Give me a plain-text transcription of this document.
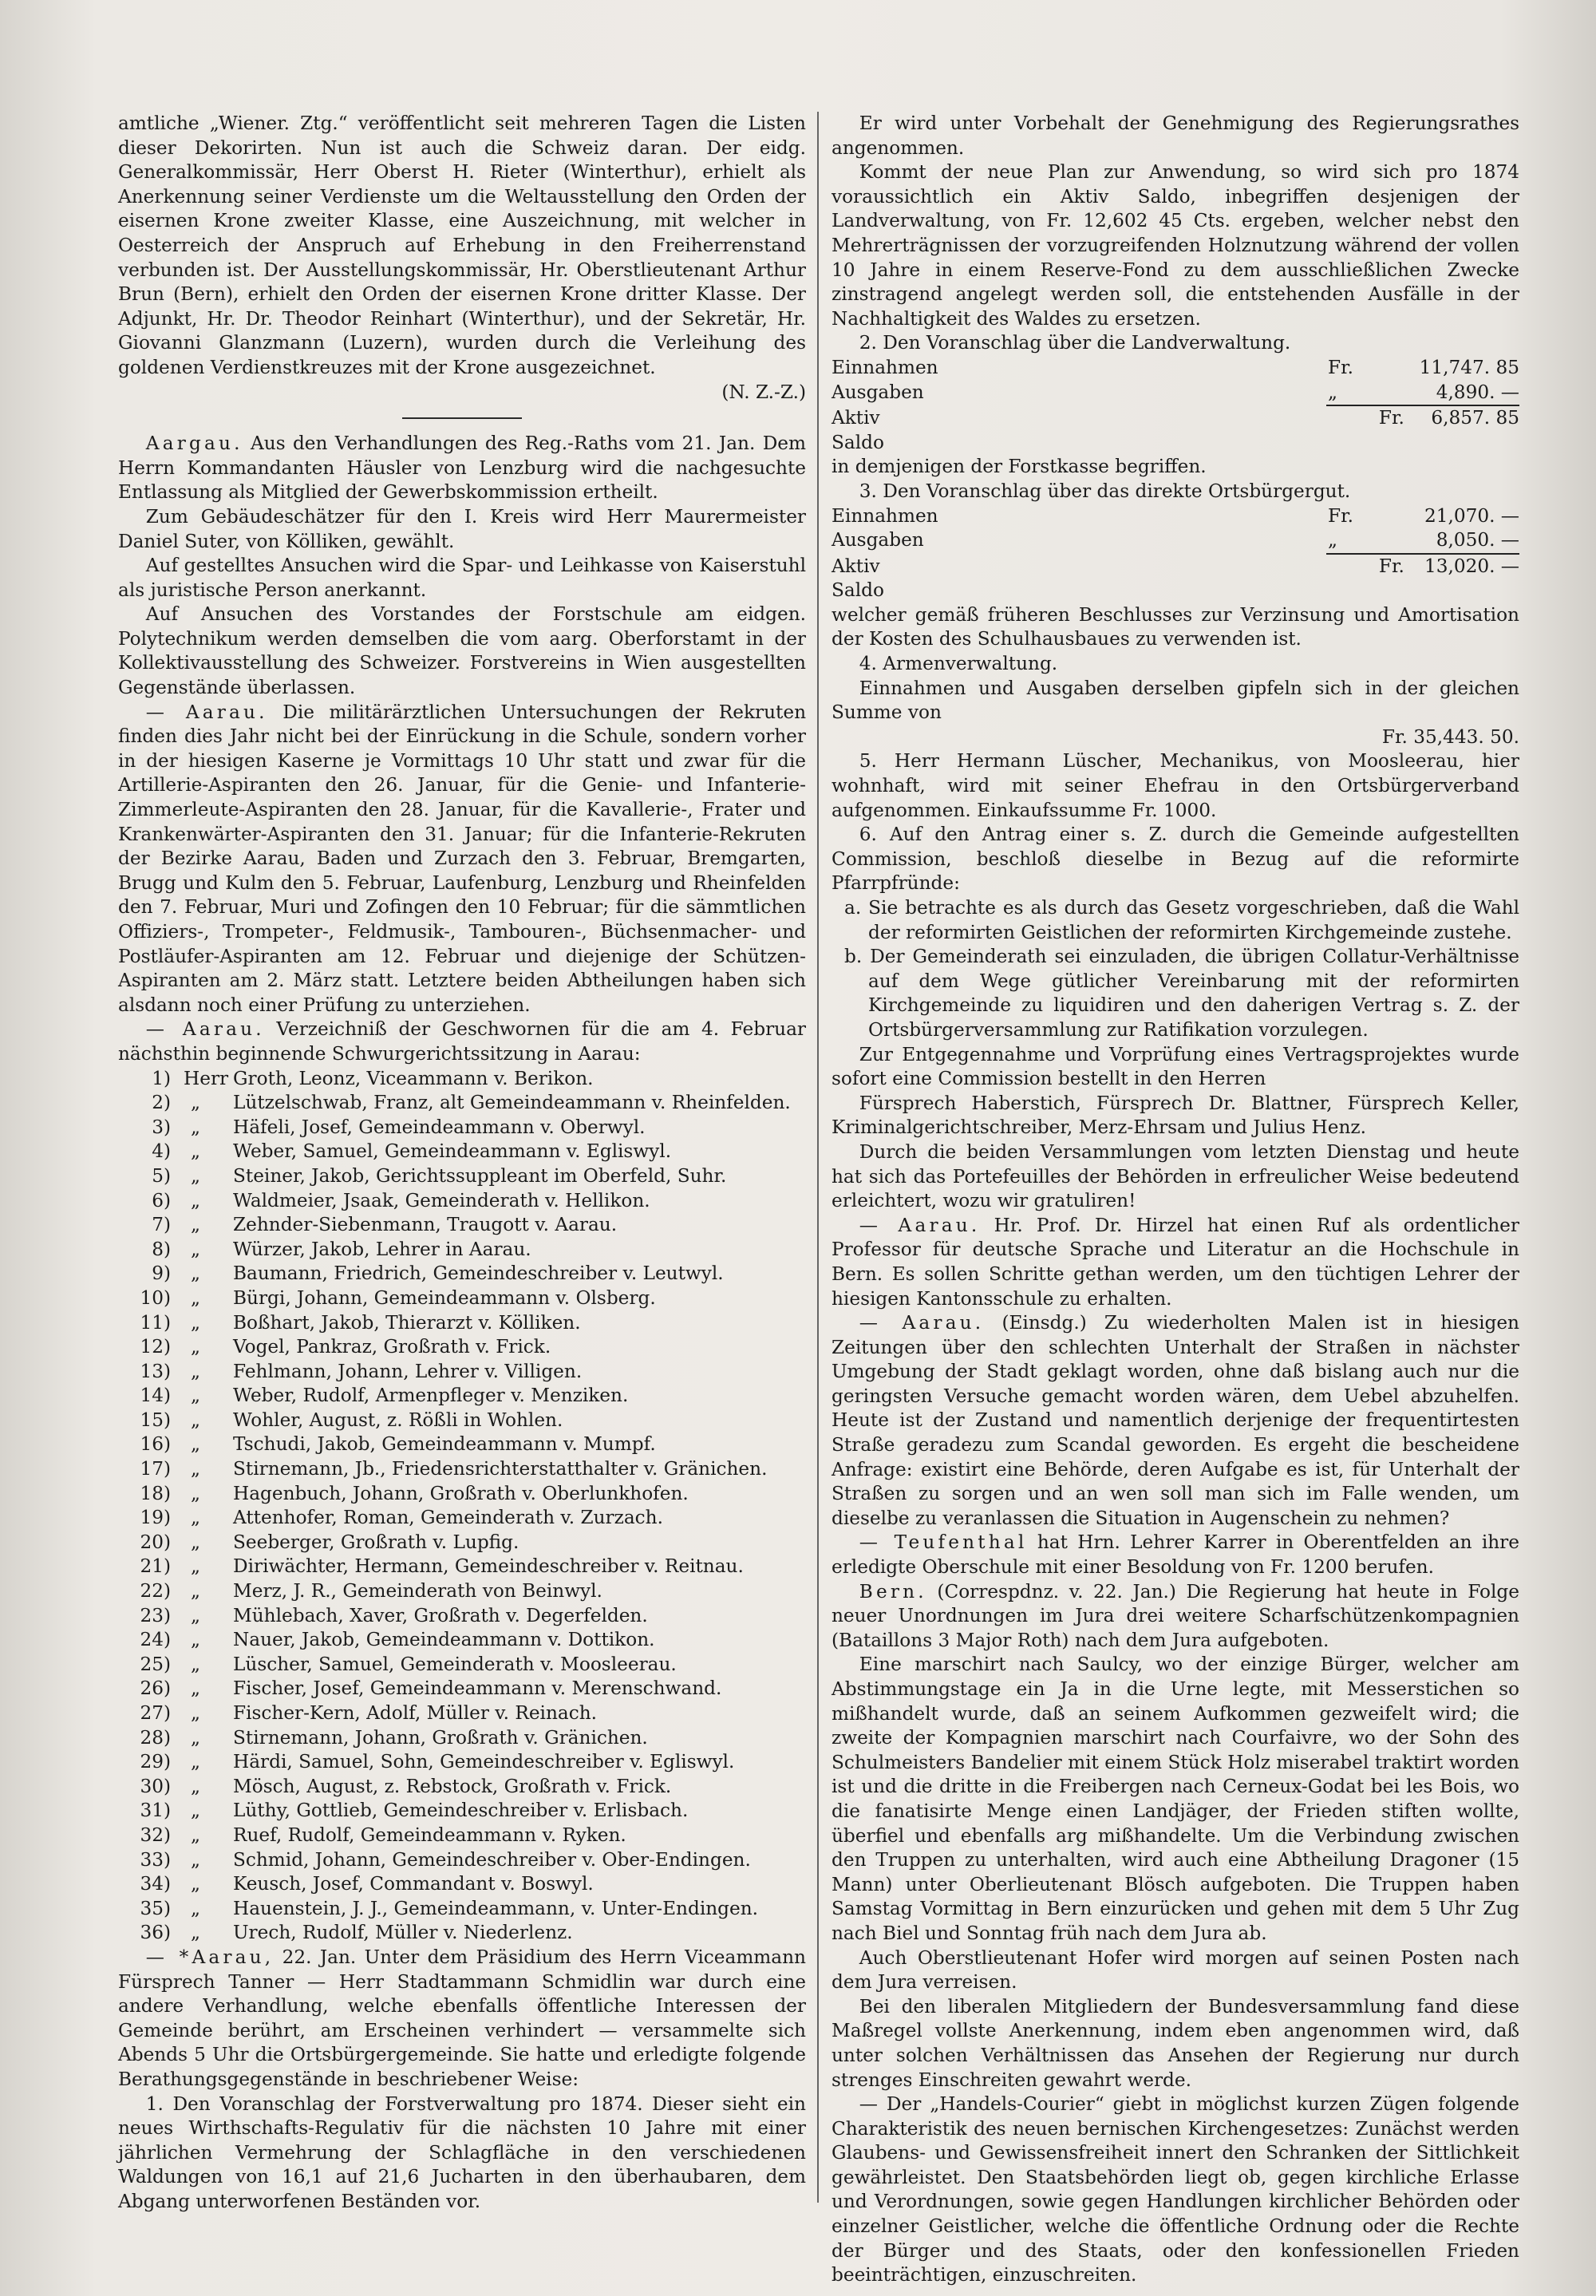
amtliche „Wiener. Ztg.“ veröffentlicht seit mehreren Tagen die Listen dieser Dekorirten. Nun ist auch die Schweiz daran. Der eidg. Generalkommissär, Herr Oberst H. Rieter (Winterthur), erhielt als Anerkennung seiner Verdienste um die Weltausstellung den Orden der eisernen Krone zweiter Klasse, eine Auszeichnung, mit welcher in Oesterreich der Anspruch auf Erhebung in den Freiherrenstand verbunden ist. Der Ausstellungskommissär, Hr. Oberstlieutenant Arthur Brun (Bern), erhielt den Orden der eisernen Krone dritter Klasse. Der Adjunkt, Hr. Dr. Theodor Reinhart (Winterthur), und der Sekretär, Hr. Giovanni Glanzmann (Luzern), wurden durch die Verleihung des goldenen Verdienstkreuzes mit der Krone ausgezeichnet.

(N. Z.-Z.)

Aargau. Aus den Verhandlungen des Reg.-Raths vom 21. Jan. Dem Herrn Kommandanten Häusler von Lenzburg wird die nachgesuchte Entlassung als Mitglied der Gewerbskommission ertheilt.

Zum Gebäudeschätzer für den I. Kreis wird Herr Maurermeister Daniel Suter, von Kölliken, gewählt.

Auf gestelltes Ansuchen wird die Spar- und Leihkasse von Kaiserstuhl als juristische Person anerkannt.

Auf Ansuchen des Vorstandes der Forstschule am eidgen. Polytechnikum werden demselben die vom aarg. Oberforstamt in der Kollektivausstellung des Schweizer. Forstvereins in Wien ausgestellten Gegenstände überlassen.

— Aarau. Die militärärztlichen Untersuchungen der Rekruten finden dies Jahr nicht bei der Einrückung in die Schule, sondern vorher in der hiesigen Kaserne je Vormittags 10 Uhr statt und zwar für die Artillerie-Aspiranten den 26. Januar, für die Genie- und Infanterie-Zimmerleute-Aspiranten den 28. Januar, für die Kavallerie-, Frater und Krankenwärter-Aspiranten den 31. Januar; für die Infanterie-Rekruten der Bezirke Aarau, Baden und Zurzach den 3. Februar, Bremgarten, Brugg und Kulm den 5. Februar, Laufenburg, Lenzburg und Rheinfelden den 7. Februar, Muri und Zofingen den 10 Februar; für die sämmtlichen Offiziers-, Trompeter-, Feldmusik-, Tambouren-, Büchsenmacher- und Postläufer-Aspiranten am 12. Februar und diejenige der Schützen-Aspiranten am 2. März statt. Letztere beiden Abtheilungen haben sich alsdann noch einer Prüfung zu unterziehen.

— Aarau. Verzeichniß der Geschwornen für die am 4. Februar nächsthin beginnende Schwurgerichtssitzung in Aarau:

1) Herr Groth, Leonz, Viceammann v. Berikon.
2)	„	Lützelschwab, Franz, alt Gemeindeammann v. Rheinfelden.
3)	„	Häfeli, Josef, Gemeindeammann v. Oberwyl.
4)	„	Weber, Samuel, Gemeindeammann v. Egliswyl.
5)	„	Steiner, Jakob, Gerichtssuppleant im Oberfeld, Suhr.
6)	„	Waldmeier, Jsaak, Gemeinderath v. Hellikon.
7)	„	Zehnder-Siebenmann, Traugott v. Aarau.
8)	„	Würzer, Jakob, Lehrer in Aarau.
9)	„	Baumann, Friedrich, Gemeindeschreiber v. Leutwyl.
10)	„	Bürgi, Johann, Gemeindeammann v. Olsberg.
11)	„	Boßhart, Jakob, Thierarzt v. Kölliken.
12)	„	Vogel, Pankraz, Großrath v. Frick.
13)	„	Fehlmann, Johann, Lehrer v. Villigen.
14)	„	Weber, Rudolf, Armenpfleger v. Menziken.
15)	„	Wohler, August, z. Rößli in Wohlen.
16)	„	Tschudi, Jakob, Gemeindeammann v. Mumpf.
17)	„	Stirnemann, Jb., Friedensrichterstatthalter v. Gränichen.
18)	„	Hagenbuch, Johann, Großrath v. Oberlunkhofen.
19)	„	Attenhofer, Roman, Gemeinderath v. Zurzach.
20)	„	Seeberger, Großrath v. Lupfig.
21)	„	Diriwächter, Hermann, Gemeindeschreiber v. Reitnau.
22)	„	Merz, J. R., Gemeinderath von Beinwyl.
23)	„	Mühlebach, Xaver, Großrath v. Degerfelden.
24)	„	Nauer, Jakob, Gemeindeammann v. Dottikon.
25)	„	Lüscher, Samuel, Gemeinderath v. Moosleerau.
26)	„	Fischer, Josef, Gemeindeammann v. Merenschwand.
27)	„	Fischer-Kern, Adolf, Müller v. Reinach.
28)	„	Stirnemann, Johann, Großrath v. Gränichen.
29)	„	Härdi, Samuel, Sohn, Gemeindeschreiber v. Egliswyl.
30)	„	Mösch, August, z. Rebstock, Großrath v. Frick.
31)	„	Lüthy, Gottlieb, Gemeindeschreiber v. Erlisbach.
32)	„	Ruef, Rudolf, Gemeindeammann v. Ryken.
33)	„	Schmid, Johann, Gemeindeschreiber v. Ober-Endingen.
34)	„	Keusch, Josef, Commandant v. Boswyl.
35)	„	Hauenstein, J. J., Gemeindeammann, v. Unter-Endingen.
36)	„	Urech, Rudolf, Müller v. Niederlenz.

— *Aarau, 22. Jan. Unter dem Präsidium des Herrn Viceammann Fürsprech Tanner — Herr Stadtammann Schmidlin war durch eine andere Verhandlung, welche ebenfalls öffentliche Interessen der Gemeinde berührt, am Erscheinen verhindert — versammelte sich Abends 5 Uhr die Ortsbürgergemeinde. Sie hatte und erledigte folgende Berathungsgegenstände in beschriebener Weise:

1. Den Voranschlag der Forstverwaltung pro 1874. Dieser sieht ein neues Wirthschafts-Regulativ für die nächsten 10 Jahre mit einer jährlichen Vermehrung der Schlagfläche in den verschiedenen Waldungen von 16,1 auf 21,6 Jucharten in den überhaubaren, dem Abgang unterworfenen Beständen vor.

Er wird unter Vorbehalt der Genehmigung des Regierungsrathes angenommen.

Kommt der neue Plan zur Anwendung, so wird sich pro 1874 voraussichtlich ein Aktiv Saldo, inbegriffen desjenigen der Landverwaltung, von Fr. 12,602 45 Cts. ergeben, welcher nebst den Mehrerträgnissen der vorzugreifenden Holznutzung während der vollen 10 Jahre in einem Reserve-Fond zu dem ausschließlichen Zwecke zinstragend angelegt werden soll, die entstehenden Ausfälle in der Nachhaltigkeit des Waldes zu ersetzen.

2. Den Voranschlag über die Landverwaltung.

Einnahmen	Fr.	11,747. 85
Ausgaben	„	4,890. —
Aktiv Saldo
Fr.	6,857. 85

in demjenigen der Forstkasse begriffen.

3. Den Voranschlag über das direkte Ortsbürgergut.

Einnahmen	Fr.	21,070. —
Ausgaben	„	8,050. —
Aktiv Saldo
Fr.	13,020. —

welcher gemäß früheren Beschlusses zur Verzinsung und Amortisation der Kosten des Schulhausbaues zu verwenden ist.

4. Armenverwaltung.

Einnahmen und Ausgaben derselben gipfeln sich in der gleichen Summe von

Fr. 35,443. 50.

5. Herr Hermann Lüscher, Mechanikus, von Moosleerau, hier wohnhaft, wird mit seiner Ehefrau in den Ortsbürgerverband aufgenommen. Einkaufssumme Fr. 1000.

6. Auf den Antrag einer s. Z. durch die Gemeinde aufgestellten Commission, beschloß dieselbe in Bezug auf die reformirte Pfarrpfründe:

a. Sie betrachte es als durch das Gesetz vorgeschrieben, daß die Wahl der reformirten Geistlichen der reformirten Kirchgemeinde zustehe.

b. Der Gemeinderath sei einzuladen, die übrigen Collatur-Verhältnisse auf dem Wege gütlicher Vereinbarung mit der reformirten Kirchgemeinde zu liquidiren und den daherigen Vertrag s. Z. der Ortsbürgerversammlung zur Ratifikation vorzulegen.

Zur Entgegennahme und Vorprüfung eines Vertragsprojektes wurde sofort eine Commission bestellt in den Herren

Fürsprech Haberstich, Fürsprech Dr. Blattner, Fürsprech Keller, Kriminalgerichtschreiber, Merz-Ehrsam und Julius Henz.

Durch die beiden Versammlungen vom letzten Dienstag und heute hat sich das Portefeuilles der Behörden in erfreulicher Weise bedeutend erleichtert, wozu wir gratuliren!

— Aarau. Hr. Prof. Dr. Hirzel hat einen Ruf als ordentlicher Professor für deutsche Sprache und Literatur an die Hochschule in Bern. Es sollen Schritte gethan werden, um den tüchtigen Lehrer der hiesigen Kantonsschule zu erhalten.

— Aarau. (Einsdg.) Zu wiederholten Malen ist in hiesigen Zeitungen über den schlechten Unterhalt der Straßen in nächster Umgebung der Stadt geklagt worden, ohne daß bislang auch nur die geringsten Versuche gemacht worden wären, dem Uebel abzuhelfen. Heute ist der Zustand und namentlich derjenige der frequentirtesten Straße geradezu zum Scandal geworden. Es ergeht die bescheidene Anfrage: existirt eine Behörde, deren Aufgabe es ist, für Unterhalt der Straßen zu sorgen und an wen soll man sich im Falle wenden, um dieselbe zu veranlassen die Situation in Augenschein zu nehmen?

— Teufenthal hat Hrn. Lehrer Karrer in Oberentfelden an ihre erledigte Oberschule mit einer Besoldung von Fr. 1200 berufen.

Bern. (Correspdnz. v. 22. Jan.) Die Regierung hat heute in Folge neuer Unordnungen im Jura drei weitere Scharfschützenkompagnien (Bataillons 3 Major Roth) nach dem Jura aufgeboten.

Eine marschirt nach Saulcy, wo der einzige Bürger, welcher am Abstimmungstage ein Ja in die Urne legte, mit Messerstichen so mißhandelt wurde, daß an seinem Aufkommen gezweifelt wird; die zweite der Kompagnien marschirt nach Courfaivre, wo der Sohn des Schulmeisters Bandelier mit einem Stück Holz miserabel traktirt worden ist und die dritte in die Freibergen nach Cerneux-Godat bei les Bois, wo die fanatisirte Menge einen Landjäger, der Frieden stiften wollte, überfiel und ebenfalls arg mißhandelte. Um die Verbindung zwischen den Truppen zu unterhalten, wird auch eine Abtheilung Dragoner (15 Mann) unter Oberlieutenant Blösch aufgeboten. Die Truppen haben Samstag Vormittag in Bern einzurücken und gehen mit dem 5 Uhr Zug nach Biel und Sonntag früh nach dem Jura ab.

Auch Oberstlieutenant Hofer wird morgen auf seinen Posten nach dem Jura verreisen.

Bei den liberalen Mitgliedern der Bundesversammlung fand diese Maßregel vollste Anerkennung, indem eben angenommen wird, daß unter solchen Verhältnissen das Ansehen der Regierung nur durch strenges Einschreiten gewahrt werde.

— Der „Handels-Courier“ giebt in möglichst kurzen Zügen folgende Charakteristik des neuen bernischen Kirchengesetzes: Zunächst werden Glaubens- und Gewissensfreiheit innert den Schranken der Sittlichkeit gewährleistet. Den Staatsbehörden liegt ob, gegen kirchliche Erlasse und Verordnungen, sowie gegen Handlungen kirchlicher Behörden oder einzelner Geistlicher, welche die öffentliche Ordnung oder die Rechte der Bürger und des Staats, oder den konfessionellen Frieden beeinträchtigen, einzuschreiten.
